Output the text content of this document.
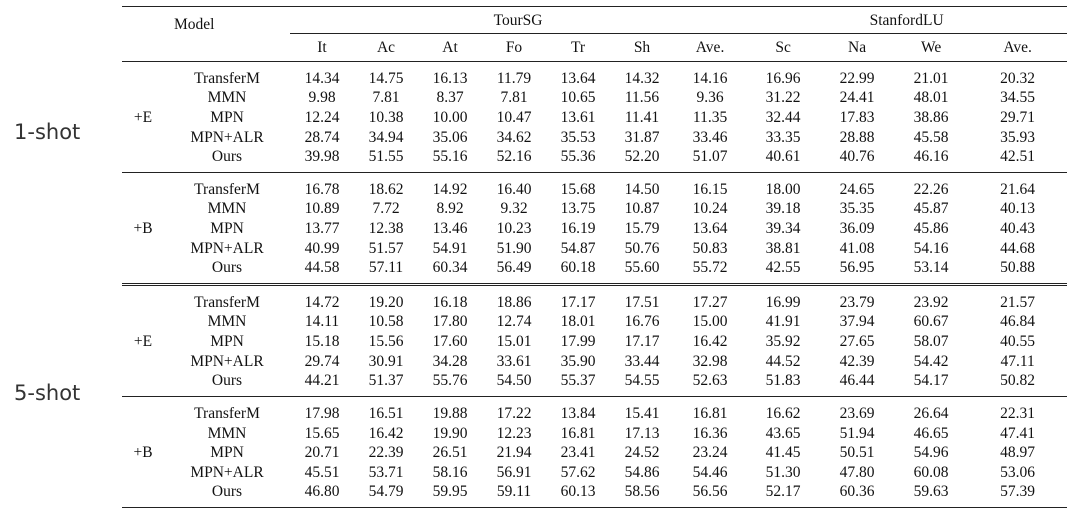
1-shot
5-shot
	Model	TourSG							StanfordLU			
		It	Ac	At	Fo	Tr	Sh	Ave.	Sc	Na	We	Ave.
	TransferM	14.34	14.75	16.13	11.79	13.64	14.32	14.16	16.96	22.99	21.01	20.32
	MMN	9.98	7.81	8.37	7.81	10.65	11.56	9.36	31.22	24.41	48.01	34.55
+E	MPN	12.24	10.38	10.00	10.47	13.61	11.41	11.35	32.44	17.83	38.86	29.71
	MPN+ALR	28.74	34.94	35.06	34.62	35.53	31.87	33.46	33.35	28.88	45.58	35.93
	Ours	39.98	51.55	55.16	52.16	55.36	52.20	51.07	40.61	40.76	46.16	42.51
	TransferM	16.78	18.62	14.92	16.40	15.68	14.50	16.15	18.00	24.65	22.26	21.64
	MMN	10.89	7.72	8.92	9.32	13.75	10.87	10.24	39.18	35.35	45.87	40.13
+B	MPN	13.77	12.38	13.46	10.23	16.19	15.79	13.64	39.34	36.09	45.86	40.43
	MPN+ALR	40.99	51.57	54.91	51.90	54.87	50.76	50.83	38.81	41.08	54.16	44.68
	Ours	44.58	57.11	60.34	56.49	60.18	55.60	55.72	42.55	56.95	53.14	50.88
	TransferM	14.72	19.20	16.18	18.86	17.17	17.51	17.27	16.99	23.79	23.92	21.57
	MMN	14.11	10.58	17.80	12.74	18.01	16.76	15.00	41.91	37.94	60.67	46.84
+E	MPN	15.18	15.56	17.60	15.01	17.99	17.17	16.42	35.92	27.65	58.07	40.55
	MPN+ALR	29.74	30.91	34.28	33.61	35.90	33.44	32.98	44.52	42.39	54.42	47.11
	Ours	44.21	51.37	55.76	54.50	55.37	54.55	52.63	51.83	46.44	54.17	50.82
	TransferM	17.98	16.51	19.88	17.22	13.84	15.41	16.81	16.62	23.69	26.64	22.31
	MMN	15.65	16.42	19.90	12.23	16.81	17.13	16.36	43.65	51.94	46.65	47.41
+B	MPN	20.71	22.39	26.51	21.94	23.41	24.52	23.24	41.45	50.51	54.96	48.97
	MPN+ALR	45.51	53.71	58.16	56.91	57.62	54.86	54.46	51.30	47.80	60.08	53.06
	Ours	46.80	54.79	59.95	59.11	60.13	58.56	56.56	52.17	60.36	59.63	57.39
